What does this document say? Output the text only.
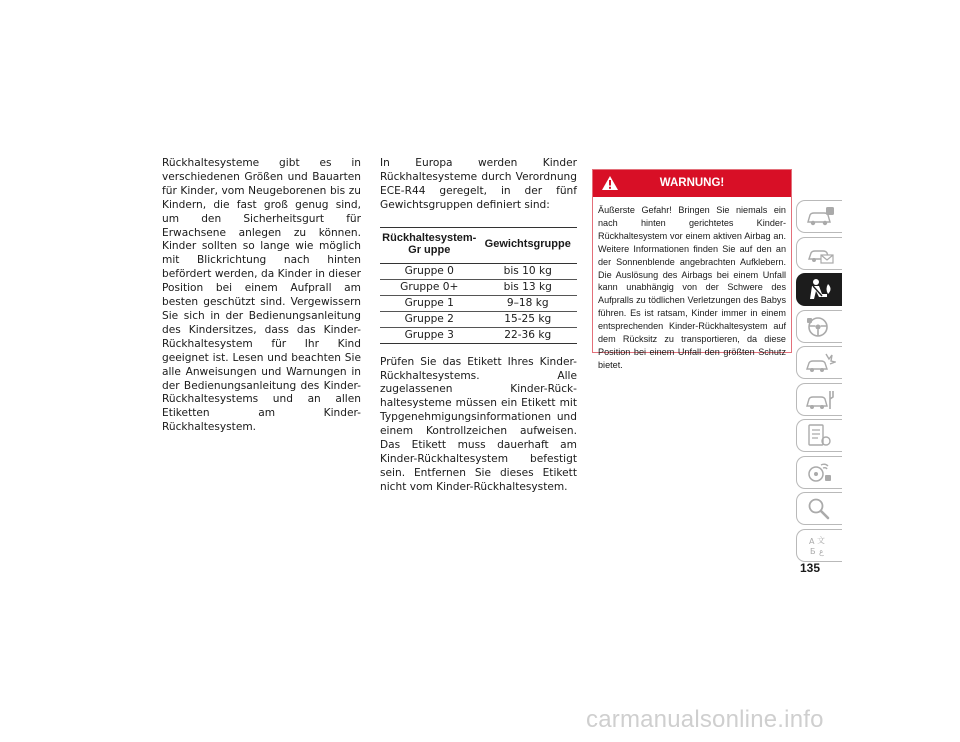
Rückhaltesysteme gibt es in verschiedenen Größen und Bauarten für Kinder, vom Neugeborenen bis zu Kindern, die fast groß genug sind, um den Sicherheitsgurt für Erwachsene anlegen zu können. Kinder sollten so lange wie möglich mit Blickrichtung nach hinten befördert werden, da Kinder in dieser Position bei einem Aufprall am besten geschützt sind. Vergewissern Sie sich in der Bedienungsanleitung des Kindersitzes, dass das Kinder-Rückhaltesystem für Ihr Kind geeignet ist. Lesen und beachten Sie alle Anweisungen und Warnungen in der Bedienungsanleitung des Kinder-Rückhaltesystems und an allen Etiketten am Kinder-Rückhaltesystem.

In Europa werden Kinder Rückhaltesysteme durch Verordnung ECE-R44 geregelt, in der fünf Gewichtsgruppen definiert sind:

Rückhaltesystem-Gr uppe	Gewichtsgruppe
Gruppe 0	bis 10 kg
Gruppe 0+	bis 13 kg
Gruppe 1	9–18 kg
Gruppe 2	15-25 kg
Gruppe 3	22-36 kg

Prüfen Sie das Etikett Ihres Kinder-Rückhaltesystems. Alle zugelassenen Kinder-Rückhaltesysteme müssen ein Etikett mit Typgenehmigungsinformationen und einem Kontrollzeichen aufweisen. Das Etikett muss dauerhaft am Kinder-Rückhaltesystem befestigt sein. Entfernen Sie dieses Etikett nicht vom Kinder-Rückhaltesystem.

WARNUNG!
Äußerste Gefahr! Bringen Sie niemals ein nach hinten gerichtetes Kinder-Rückhaltesystem vor einem aktiven Airbag an. Weitere Informationen finden Sie auf den an der Sonnenblende angebrachten Aufklebern. Die Auslösung des Airbags bei einem Unfall kann unabhängig von der Schwere des Aufpralls zu tödlichen Verletzungen des Babys führen. Es ist ratsam, Kinder immer in einem entsprechenden Kinder-Rückhaltesystem auf dem Rücksitz zu transportieren, da diese Position bei einem Unfall den größten Schutz bietet.
A 文
Б ع
135
carmanualsonline.info
